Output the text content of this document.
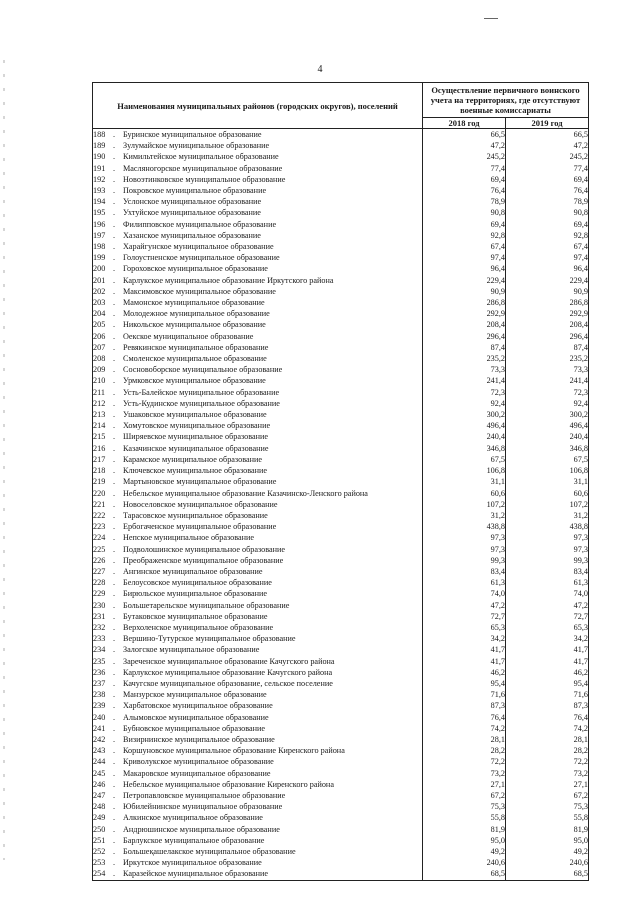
4
Наименования муниципальных районов (городских округов), поселений	Осуществление первичного воинского учета на территориях, где отсутствуют военные комиссариаты	
	2018 год	2019 год
188 . Буринское муниципальное образование	66,5	66,5
189 . Зулумайское муниципальное образование	47,2	47,2
190 . Кимильтейское муниципальное образование	245,2	245,2
191 . Масляногорское муниципальное образование	77,4	77,4
192 . Новоэтинковское муниципальное образование	69,4	69,4
193 . Покровское муниципальное образование	76,4	76,4
194 . Услонское муниципальное образование	78,9	78,9
195 . Ухтуйское муниципальное образование	90,8	90,8
196 . Филипповское муниципальное образование	69,4	69,4
197 . Хазанское муниципальное образование	92,8	92,8
198 . Харайгунское муниципальное образование	67,4	67,4
199 . Голоустненское муниципальное образование	97,4	97,4
200 . Гороховское муниципальное образование	96,4	96,4
201 . Карлукское муниципальное образование Иркутского района	229,4	229,4
202 . Максимовское муниципальное образование	90,9	90,9
203 . Мамонское муниципальное образование	286,8	286,8
204 . Молодежное муниципальное образование	292,9	292,9
205 . Никольское муниципальное образование	208,4	208,4
206 . Оекское муниципальное образование	296,4	296,4
207 . Ревякинское муниципальное образование	87,4	87,4
208 . Смоленское муниципальное образование	235,2	235,2
209 . Сосновоборское муниципальное образование	73,3	73,3
210 . Урмковское муниципальное образование	241,4	241,4
211 . Усть-Балейское муниципальное образование	72,3	72,3
212 . Усть-Кудинское муниципальное образование	92,4	92,4
213 . Ушаковское муниципальное образование	300,2	300,2
214 . Хомутовское муниципальное образование	496,4	496,4
215 . Ширяевское муниципальное образование	240,4	240,4
216 . Казачинское муниципальное образование	346,8	346,8
217 . Карамское муниципальное образование	67,5	67,5
218 . Ключевское муниципальное образование	106,8	106,8
219 . Мартыновское муниципальное образование	31,1	31,1
220 . Небельское муниципальное образование Казачинско-Ленского района	60,6	60,6
221 . Новоселовское муниципальное образование	107,2	107,2
222 . Тарасовское муниципальное образование	31,2	31,2
223 . Ербогаченское муниципальное образование	438,8	438,8
224 . Непское муниципальное образование	97,3	97,3
225 . Подволошинское муниципальное образование	97,3	97,3
226 . Преображенское муниципальное образование	99,3	99,3
227 . Ангинское муниципальное образование	83,4	83,4
228 . Белоусовское муниципальное образование	61,3	61,3
229 . Бирюльское муниципальное образование	74,0	74,0
230 . Большетарельское муниципальное образование	47,2	47,2
231 . Бутаковское муниципальное образование	72,7	72,7
232 . Верхоленское муниципальное образование	65,3	65,3
233 . Вершино-Тутурское муниципальное образование	34,2	34,2
234 . Залогское муниципальное образование	41,7	41,7
235 . Зареченское муниципальное образование Качугского района	41,7	41,7
236 . Карлукское муниципальное образование Качугского района	46,2	46,2
237 . Качугское муниципальное образование, сельское поселение	95,4	95,4
238 . Манзурское муниципальное образование	71,6	71,6
239 . Харбатовское муниципальное образование	87,3	87,3
240 . Алымовское муниципальное образование	76,4	76,4
241 . Бубновское муниципальное образование	74,2	74,2
242 . Визирнинское муниципальное образование	28,1	28,1
243 . Коршуновское муниципальное образование Киренского района	28,2	28,2
244 . Криволукское муниципальное образование	72,2	72,2
245 . Макаровское муниципальное образование	73,2	73,2
246 . Небельское муниципальное образование Киренского района	27,1	27,1
247 . Петропавловское муниципальное образование	67,2	67,2
248 . Юбилейнинское муниципальное образование	75,3	75,3
249 . Алкинское муниципальное образование	55,8	55,8
250 . Андрюшинское муниципальное образование	81,9	81,9
251 . Барлукское муниципальное образование	95,0	95,0
252 . Большеқашелакское муниципальное образование	49,2	49,2
253 . Иркутское муниципальное образование	240,6	240,6
254 . Каразейское муниципальное образование	68,5	68,5
